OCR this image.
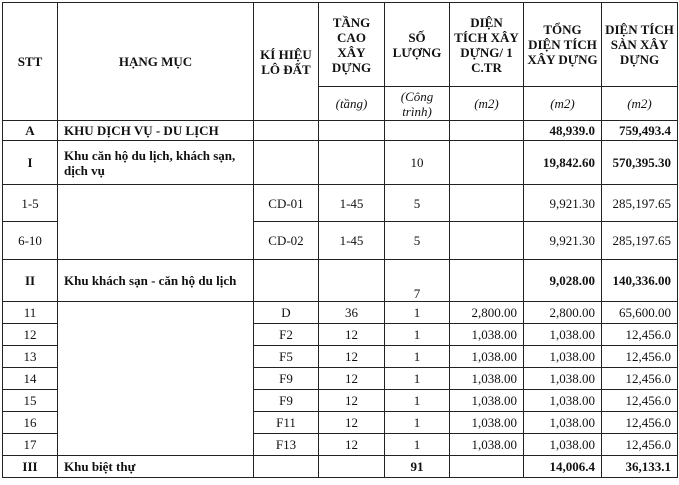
STT	HẠNG MỤC	KÍ HIỆU LÔ ĐẤT	TẦNG CAO XÂY DỰNG	SỐ LƯỢNG	DIỆN TÍCH XÂY DỰNG/ 1 C.TR	TỔNG DIỆN TÍCH XÂY DỰNG	DIỆN TÍCH SÀN XÂY DỰNG
			(tầng)	(Công trình)	(m2)	(m2)	(m2)
A	KHU DỊCH VỤ - DU LỊCH					48,939.0	759,493.4
I	Khu căn hộ du lịch, khách sạn, dịch vụ			10		19,842.60	570,395.30
1-5		CD-01	1-45	5		9,921.30	285,197.65
6-10		CD-02	1-45	5		9,921.30	285,197.65
II	Khu khách sạn - căn hộ du lịch			7		9,028.00	140,336.00
11		D	36	1	2,800.00	2,800.00	65,600.00
12		F2	12	1	1,038.00	1,038.00	12,456.0
13		F5	12	1	1,038.00	1,038.00	12,456.0
14		F9	12	1	1,038.00	1,038.00	12,456.0
15		F9	12	1	1,038.00	1,038.00	12,456.0
16		F11	12	1	1,038.00	1,038.00	12,456.0
17		F13	12	1	1,038.00	1,038.00	12,456.0
III	Khu biệt thự			91		14,006.4	36,133.1
